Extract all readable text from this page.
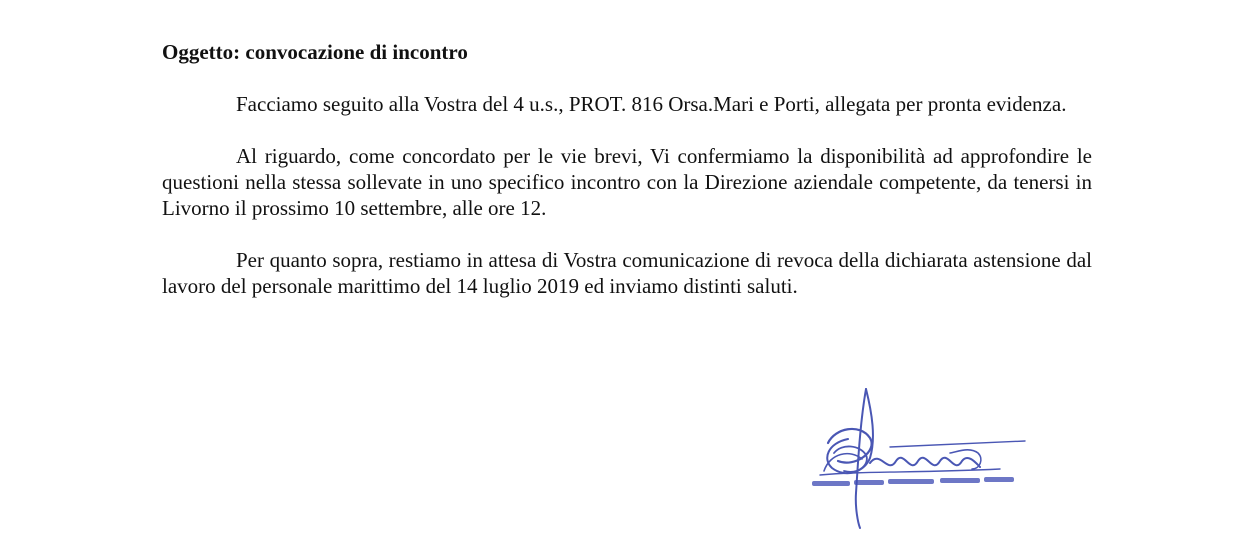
Oggetto: convocazione di incontro

Facciamo seguito alla Vostra del 4 u.s., PROT. 816 Orsa.Mari e Porti, allegata per pronta evidenza.

Al riguardo, come concordato per le vie brevi, Vi confermiamo la disponibilità ad approfondire le questioni nella stessa sollevate in uno specifico incontro con la Direzione aziendale competente, da tenersi in Livorno il prossimo 10 settembre, alle ore 12.

Per quanto sopra, restiamo in attesa di Vostra comunicazione di revoca della dichiarata astensione dal lavoro del personale marittimo del 14 luglio 2019 ed inviamo distinti saluti.
